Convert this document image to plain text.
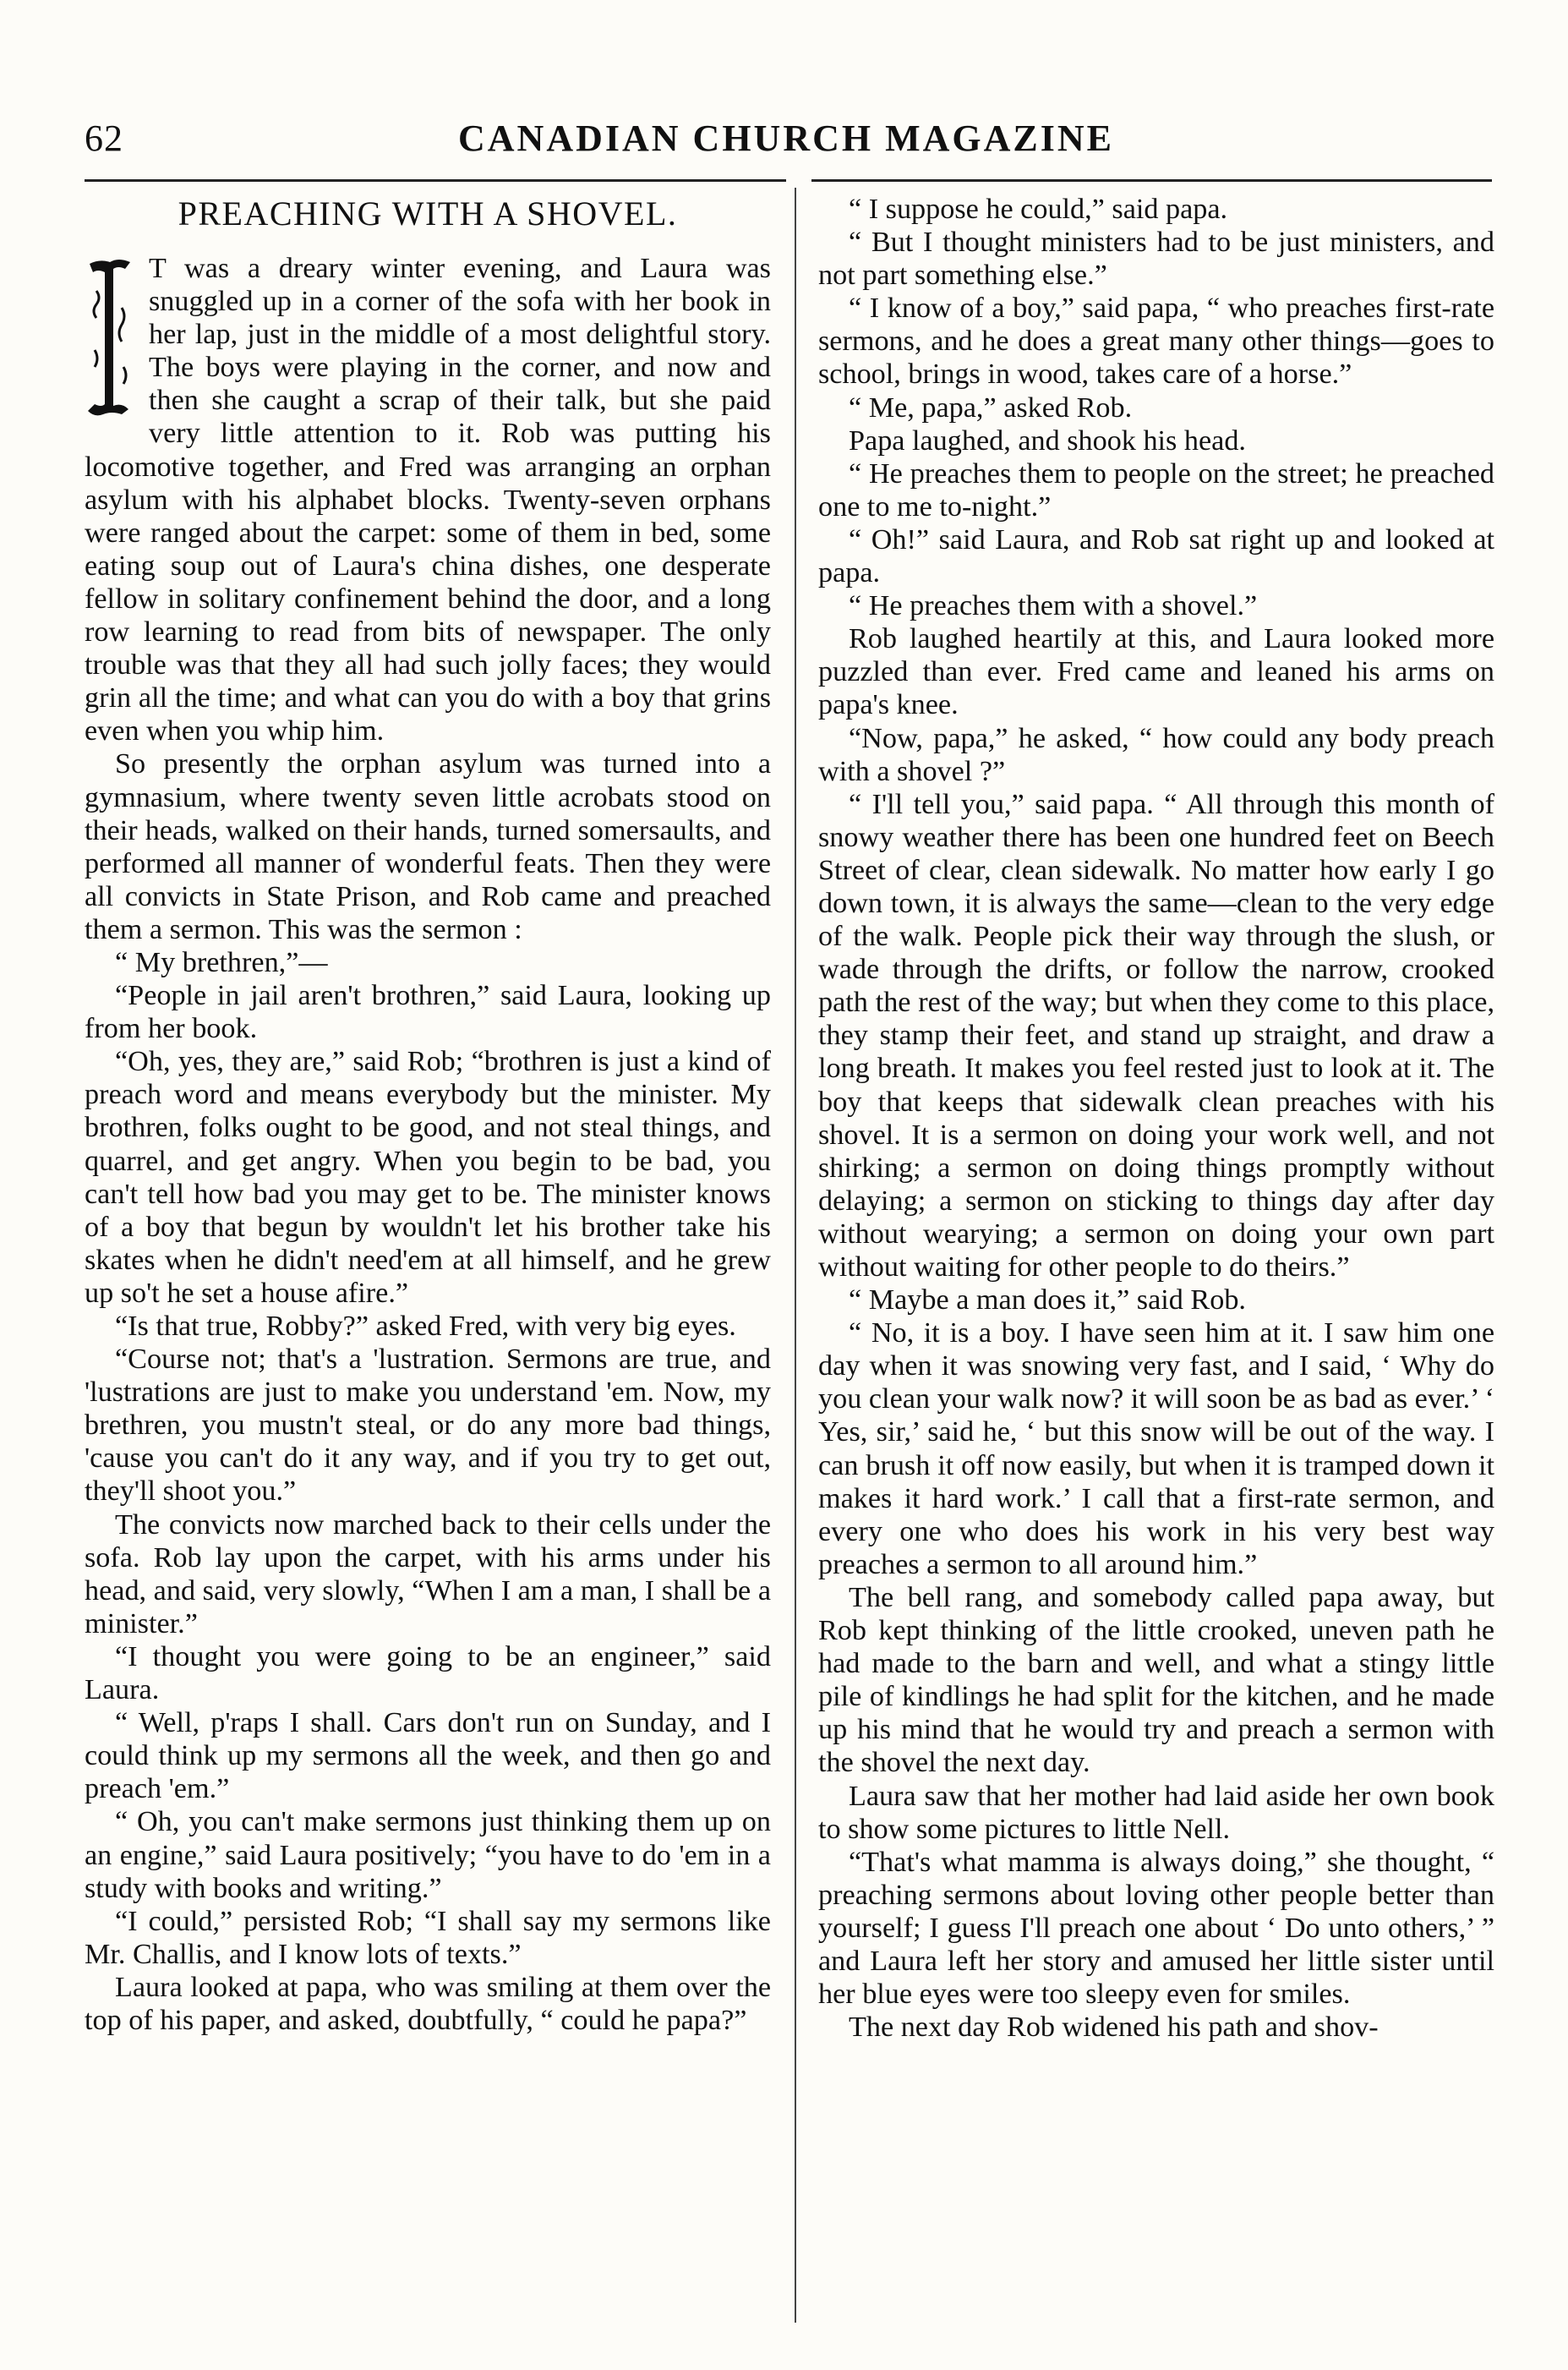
62	CANADIAN CHURCH MAGAZINE
PREACHING WITH A SHOVEL.

T was a dreary winter evening, and Laura was snuggled up in a corner of the sofa with her book in her lap, just in the middle of a most delightful story. The boys were playing in the corner, and now and then she caught a scrap of their talk, but she paid very little attention to it. Rob was putting his locomotive together, and Fred was arranging an orphan asylum with his alphabet blocks. Twenty-seven orphans were ranged about the carpet: some of them in bed, some eating soup out of Laura's china dishes, one desperate fellow in solitary confinement behind the door, and a long row learning to read from bits of newspaper. The only trouble was that they all had such jolly faces; they would grin all the time; and what can you do with a boy that grins even when you whip him.

So presently the orphan asylum was turned into a gymnasium, where twenty seven little acrobats stood on their heads, walked on their hands, turned somersaults, and performed all manner of wonderful feats. Then they were all convicts in State Prison, and Rob came and preached them a sermon. This was the sermon :

“ My brethren,”—

“People in jail aren't brothren,” said Laura, looking up from her book.

“Oh, yes, they are,” said Rob; “brothren is just a kind of preach word and means everybody but the minister. My brothren, folks ought to be good, and not steal things, and quarrel, and get angry. When you begin to be bad, you can't tell how bad you may get to be. The minister knows of a boy that begun by wouldn't let his brother take his skates when he didn't need'em at all himself, and he grew up so't he set a house afire.”

“Is that true, Robby?” asked Fred, with very big eyes.

“Course not; that's a 'lustration. Sermons are true, and 'lustrations are just to make you understand 'em. Now, my brethren, you mustn't steal, or do any more bad things, 'cause you can't do it any way, and if you try to get out, they'll shoot you.”

The convicts now marched back to their cells under the sofa. Rob lay upon the carpet, with his arms under his head, and said, very slowly, “When I am a man, I shall be a minister.”

“I thought you were going to be an engineer,” said Laura.

“ Well, p'raps I shall. Cars don't run on Sunday, and I could think up my sermons all the week, and then go and preach 'em.”

“ Oh, you can't make sermons just thinking them up on an engine,” said Laura positively; “you have to do 'em in a study with books and writing.”

“I could,” persisted Rob; “I shall say my sermons like Mr. Challis, and I know lots of texts.”

Laura looked at papa, who was smiling at them over the top of his paper, and asked, doubtfully, “ could he papa?”

“ I suppose he could,” said papa.

“ But I thought ministers had to be just ministers, and not part something else.”

“ I know of a boy,” said papa, “ who preaches first-rate sermons, and he does a great many other things—goes to school, brings in wood, takes care of a horse.”

“ Me, papa,” asked Rob.

Papa laughed, and shook his head.

“ He preaches them to people on the street; he preached one to me to-night.”

“ Oh!” said Laura, and Rob sat right up and looked at papa.

“ He preaches them with a shovel.”

Rob laughed heartily at this, and Laura looked more puzzled than ever. Fred came and leaned his arms on papa's knee.

“Now, papa,” he asked, “ how could any body preach with a shovel ?”

“ I'll tell you,” said papa. “ All through this month of snowy weather there has been one hundred feet on Beech Street of clear, clean sidewalk. No matter how early I go down town, it is always the same—clean to the very edge of the walk. People pick their way through the slush, or wade through the drifts, or follow the narrow, crooked path the rest of the way; but when they come to this place, they stamp their feet, and stand up straight, and draw a long breath. It makes you feel rested just to look at it. The boy that keeps that sidewalk clean preaches with his shovel. It is a sermon on doing your work well, and not shirking; a sermon on doing things promptly without delaying; a sermon on sticking to things day after day without wearying; a sermon on doing your own part without waiting for other people to do theirs.”

“ Maybe a man does it,” said Rob.

“ No, it is a boy. I have seen him at it. I saw him one day when it was snowing very fast, and I said, ‘ Why do you clean your walk now? it will soon be as bad as ever.’ ‘ Yes, sir,’ said he, ‘ but this snow will be out of the way. I can brush it off now easily, but when it is tramped down it makes it hard work.’ I call that a first-rate sermon, and every one who does his work in his very best way preaches a sermon to all around him.”

The bell rang, and somebody called papa away, but Rob kept thinking of the little crooked, uneven path he had made to the barn and well, and what a stingy little pile of kindlings he had split for the kitchen, and he made up his mind that he would try and preach a sermon with the shovel the next day.

Laura saw that her mother had laid aside her own book to show some pictures to little Nell.

“That's what mamma is always doing,” she thought, “ preaching sermons about loving other people better than yourself; I guess I'll preach one about ‘ Do unto others,’ ” and Laura left her story and amused her little sister until her blue eyes were too sleepy even for smiles.

The next day Rob widened his path and shov-
